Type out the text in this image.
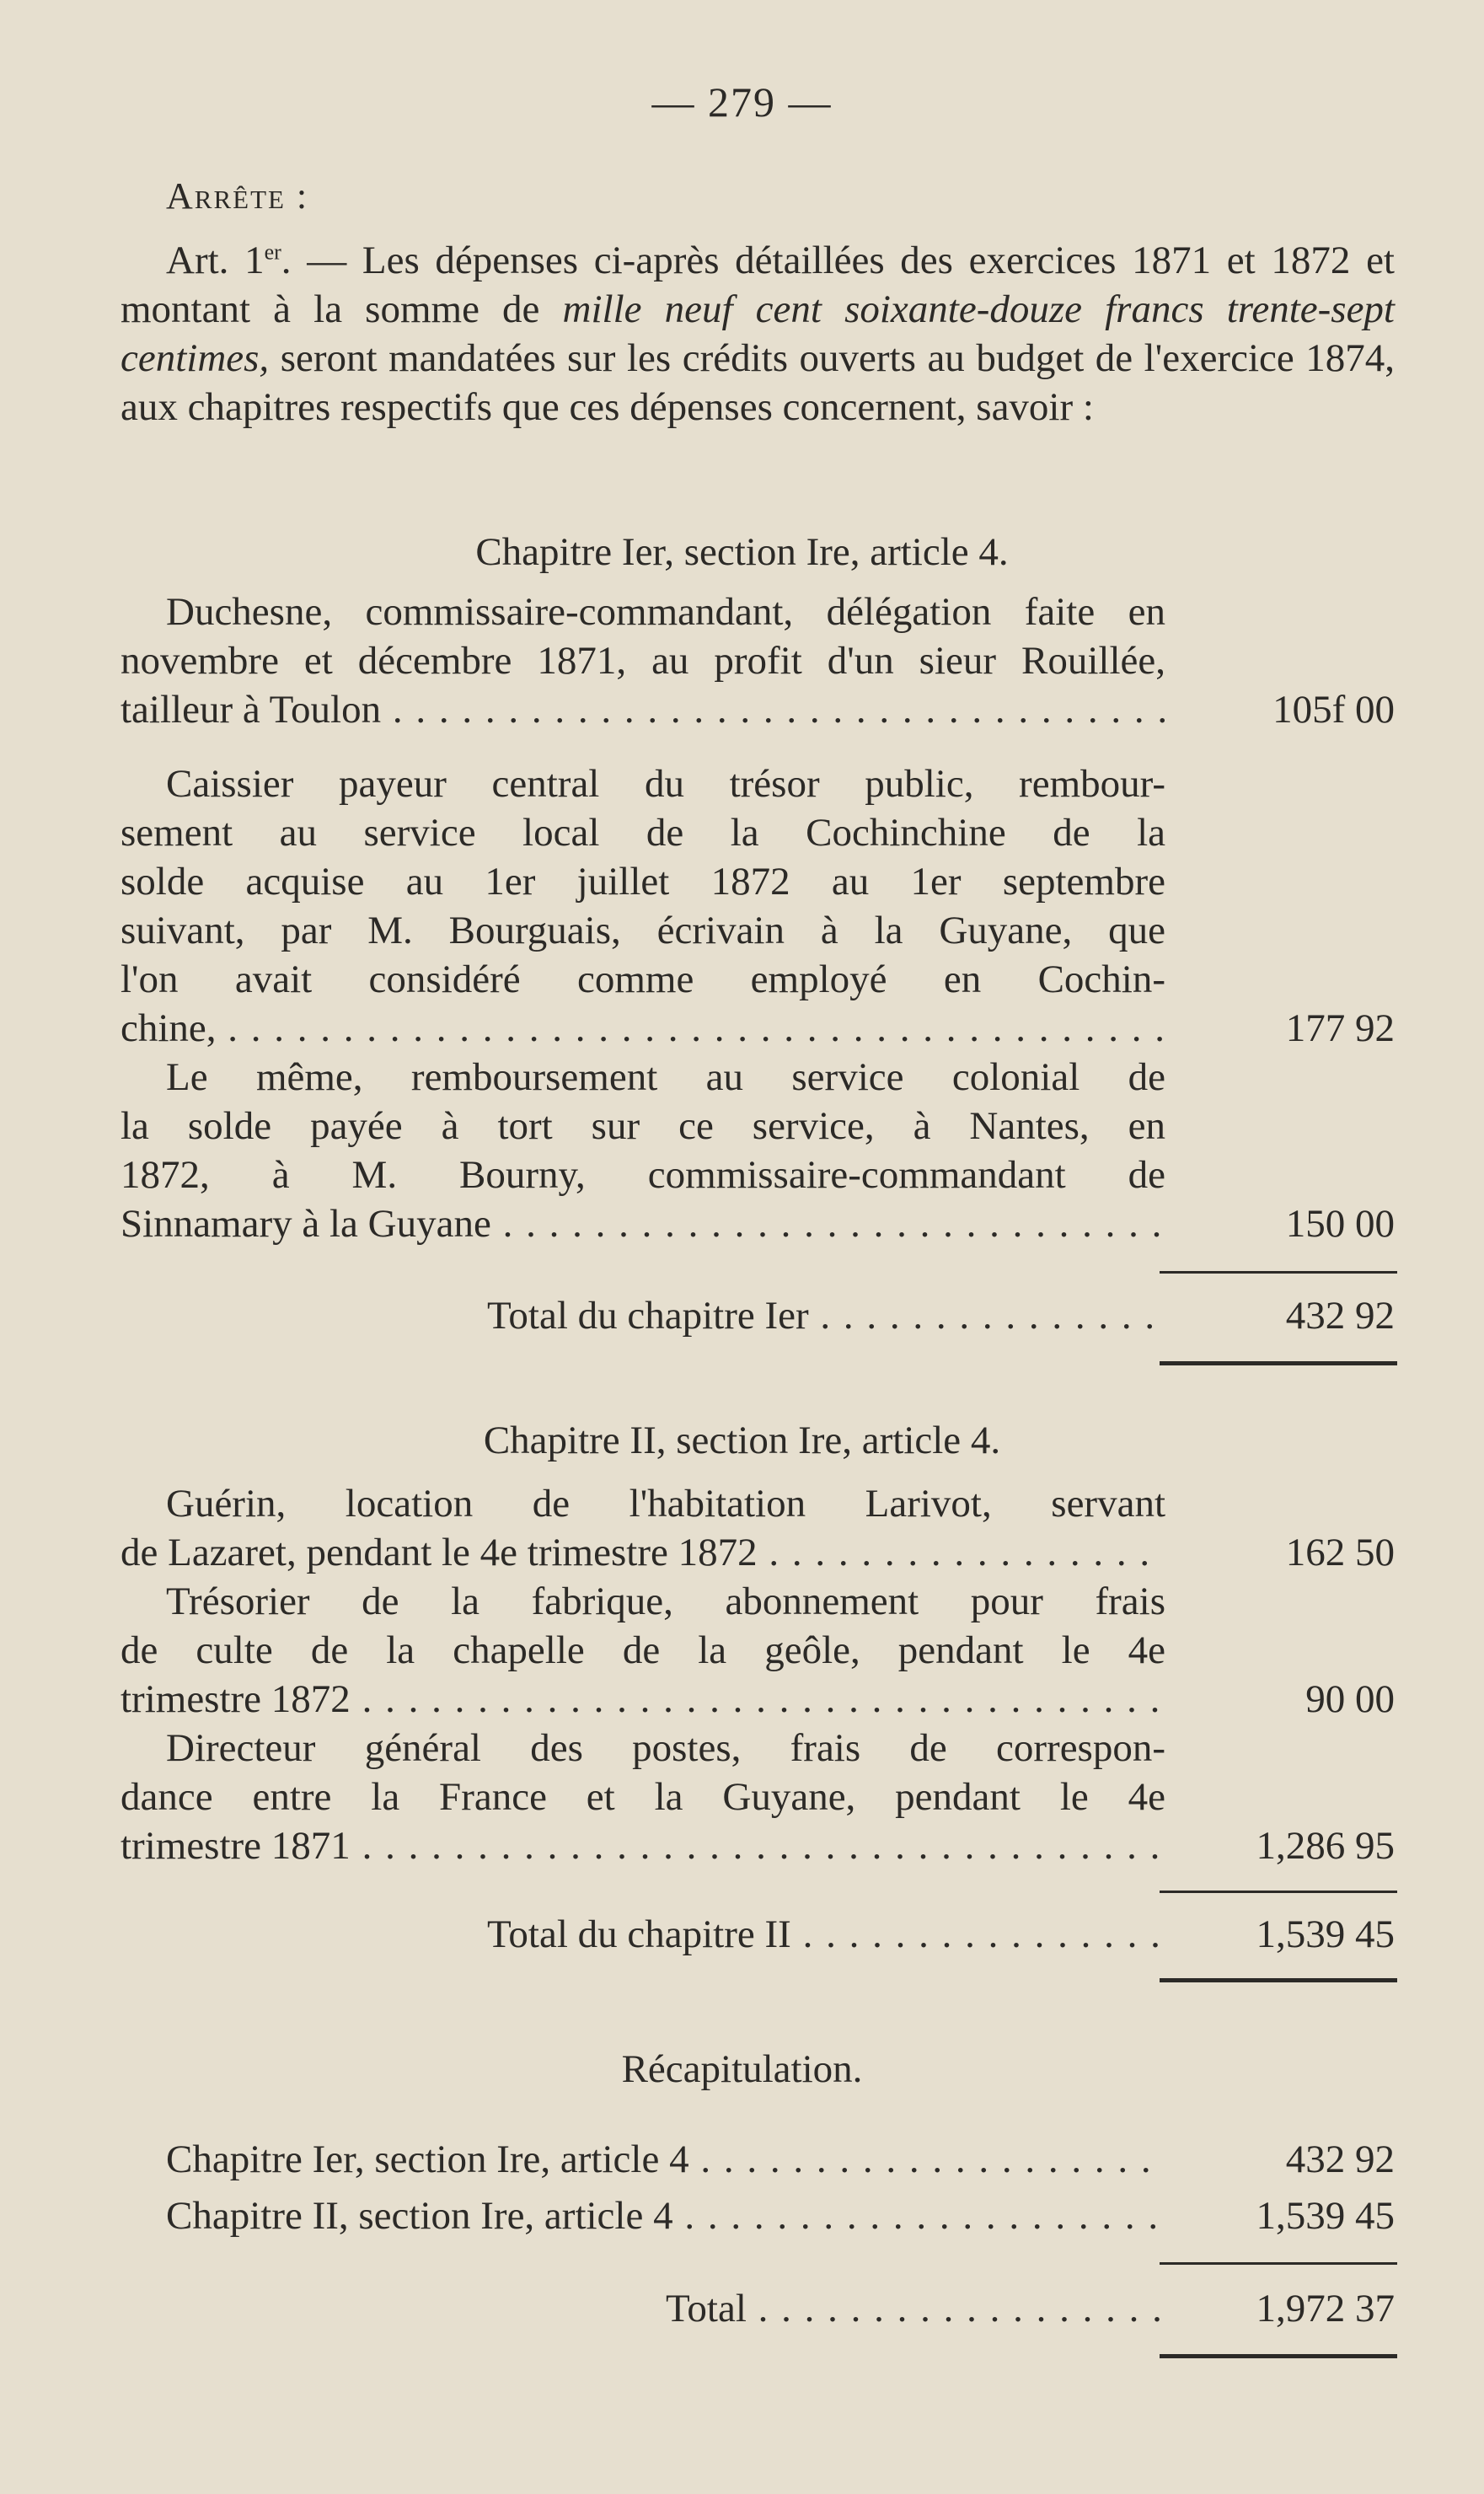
— 279 —
Arrête :
Art. 1er. — Les dépenses ci-après détaillées des exercices 1871 et 1872 et montant à la somme de mille neuf cent soixante-douze francs trente-sept centimes, seront mandatées sur les crédits ouverts au budget de l'exercice 1874, aux chapitres respectifs que ces dépenses concernent, savoir :
Chapitre Ier, section Ire, article 4.
Duchesne, commissaire-commandant, délégation faite en
novembre et décembre 1871, au profit d'un sieur Rouillée,
tailleur à Toulon . . .	105f 00
Caissier payeur central du trésor public, rembour-
sement au service local de la Cochinchine de la
solde acquise au 1er juillet 1872 au 1er septembre
suivant, par M. Bourguais, écrivain à la Guyane, que
l'on avait considéré comme employé en Cochin-
chine, . . .	177 92
Le même, remboursement au service colonial de
la solde payée à tort sur ce service, à Nantes, en
1872, à M. Bourny, commissaire-commandant de
Sinnamary à la Guyane . . .	150 00
Total du chapitre Ier . . .	432 92
Chapitre II, section Ire, article 4.
Guérin, location de l'habitation Larivot, servant
de Lazaret, pendant le 4e trimestre 1872 . . .	162 50
Trésorier de la fabrique, abonnement pour frais
de culte de la chapelle de la geôle, pendant le 4e
trimestre 1872 . . .	90 00
Directeur général des postes, frais de correspon-
dance entre la France et la Guyane, pendant le 4e
trimestre 1871 . . .	1,286 95
Total du chapitre II . . .	1,539 45
Récapitulation.
Chapitre Ier, section Ire, article 4 . . .	432 92
Chapitre II, section Ire, article 4 . . .	1,539 45
Total . . .	1,972 37
